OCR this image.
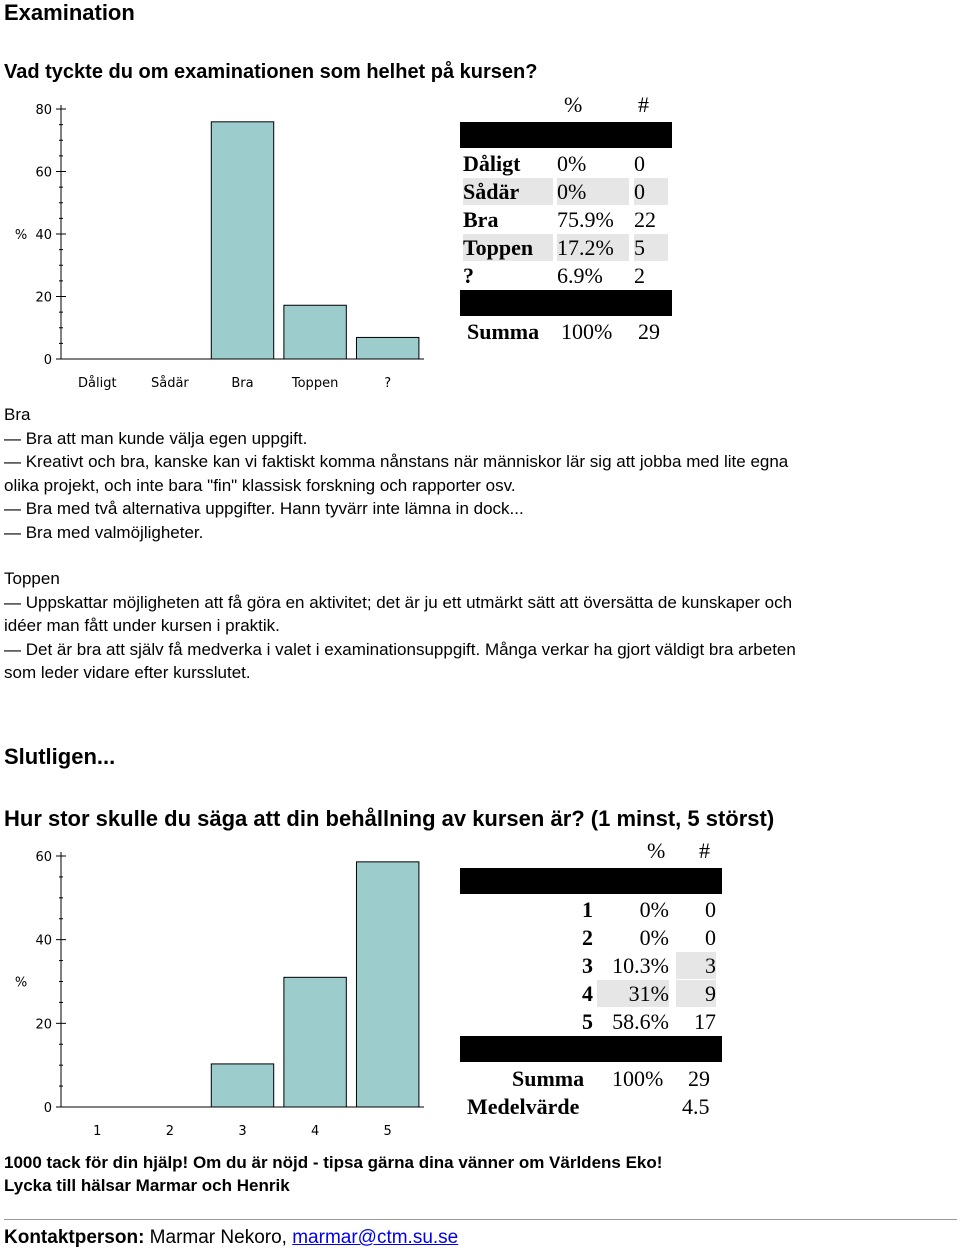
Examination
Vad tyckte du om examinationen som helhet på kursen?
0
20
40
60
80
%
Dåligt	Sådär	Bra	Toppen	?
%	#
Dåligt	0%	0
Sådär	0%	0
Bra	75.9% 22
Toppen	17.2% 5
?	6.9%	2
Summa 100% 29
Bra
— Bra att man kunde välja egen uppgift.
— Kreativt och bra, kanske kan vi faktiskt komma nånstans när människor lär sig att jobba med lite egna
olika projekt, och inte bara "fin" klassisk forskning och rapporter osv.
— Bra med två alternativa uppgifter. Hann tyvärr inte lämna in dock...
— Bra med valmöjligheter.
Toppen
— Uppskattar möjligheten att få göra en aktivitet; det är ju ett utmärkt sätt att översätta de kunskaper och
idéer man fått under kursen i praktik.
— Det är bra att själv få medverka i valet i examinationsuppgift. Många verkar ha gjort väldigt bra arbeten
som leder vidare efter kursslutet.
Slutligen...
Hur stor skulle du säga att din behållning av kursen är? (1 minst, 5 störst)
0
20
40
60
%
1	2	3	4	5
% #
1	0%	0
2	0%	0
3 10.3%	3
4	31%	9
5 58.6%	17
Summa 100% 29
Medelvärde	4.5
1000 tack för din hjälp! Om du är nöjd - tipsa gärna dina vänner om Världens Eko!
Lycka till hälsar Marmar och Henrik
Kontaktperson: Marmar Nekoro, marmar@ctm.su.se
